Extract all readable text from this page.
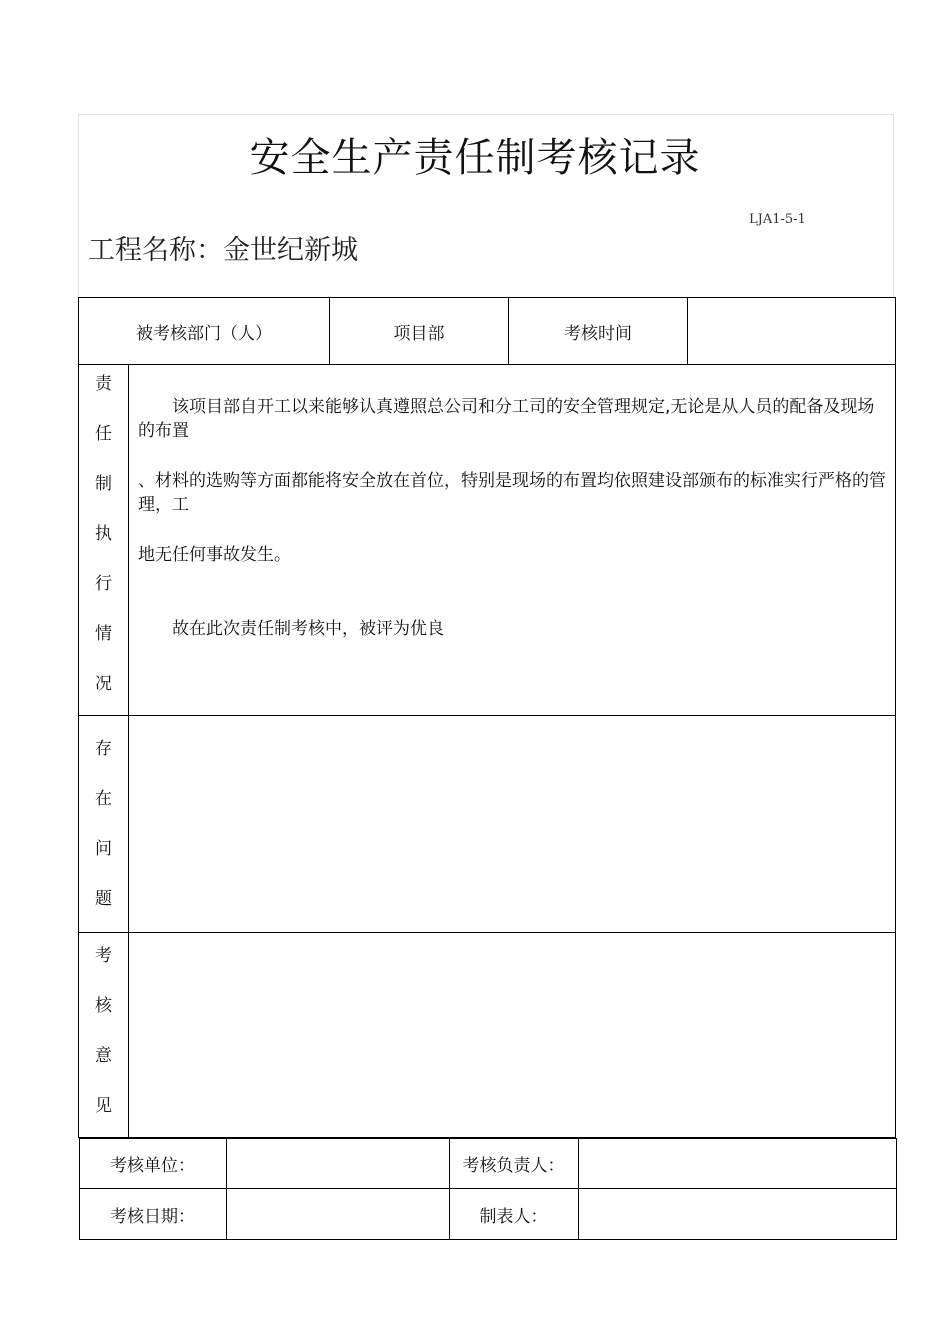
安全生产责任制考核记录
LJA1-5-1
工程名称：金世纪新城
被考核部门（人）	项目部	考核时间	

责
任
制
执
行
情
况

　　该项目部自开工以来能够认真遵照总公司和分工司的安全管理规定,无论是从人员的配备及现场的布置

、材料的选购等方面都能将安全放在首位，特别是现场的布置均依照建设部颁布的标准实行严格的管理，工

地无任何事故发生。

　　故在此次责任制考核中，被评为优良

存
在
问
题

考
核
意
见

考核单位：		考核负责人：	
考核日期：		制表人：	
